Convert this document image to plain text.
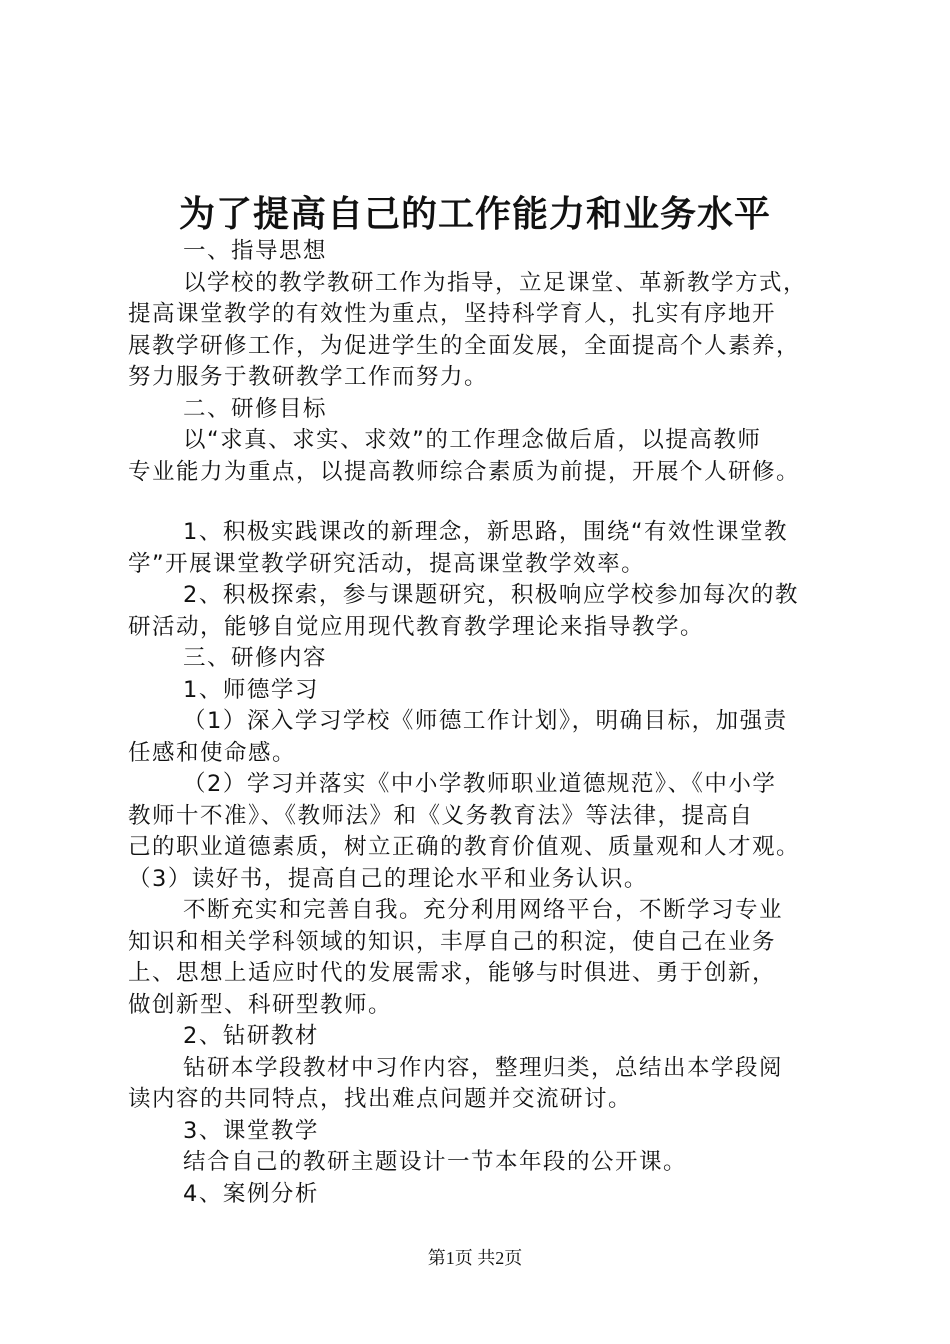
为了提高自己的工作能力和业务水平
一、指导思想
以学校的教学教研工作为指导，立足课堂、革新教学方式，
提高课堂教学的有效性为重点，坚持科学育人，扎实有序地开
展教学研修工作，为促进学生的全面发展，全面提高个人素养，
努力服务于教研教学工作而努力。
二、研修目标
以“求真、求实、求效”的工作理念做后盾，以提高教师
专业能力为重点，以提高教师综合素质为前提，开展个人研修。
1、积极实践课改的新理念，新思路，围绕“有效性课堂教
学”开展课堂教学研究活动，提高课堂教学效率。
2、积极探索，参与课题研究，积极响应学校参加每次的教
研活动，能够自觉应用现代教育教学理论来指导教学。
三、研修内容
1、师德学习
（1）深入学习学校《师德工作计划》，明确目标，加强责
任感和使命感。
（2）学习并落实《中小学教师职业道德规范》、《中小学
教师十不准》、《教师法》和《义务教育法》等法律，提高自
己的职业道德素质，树立正确的教育价值观、质量观和人才观。
（3）读好书，提高自己的理论水平和业务认识。
不断充实和完善自我。充分利用网络平台，不断学习专业
知识和相关学科领域的知识，丰厚自己的积淀，使自己在业务
上、思想上适应时代的发展需求，能够与时俱进、勇于创新，
做创新型、科研型教师。
2、钻研教材
钻研本学段教材中习作内容，整理归类，总结出本学段阅
读内容的共同特点，找出难点问题并交流研讨。
3、课堂教学
结合自己的教研主题设计一节本年段的公开课。
4、案例分析
第1页 共2页
